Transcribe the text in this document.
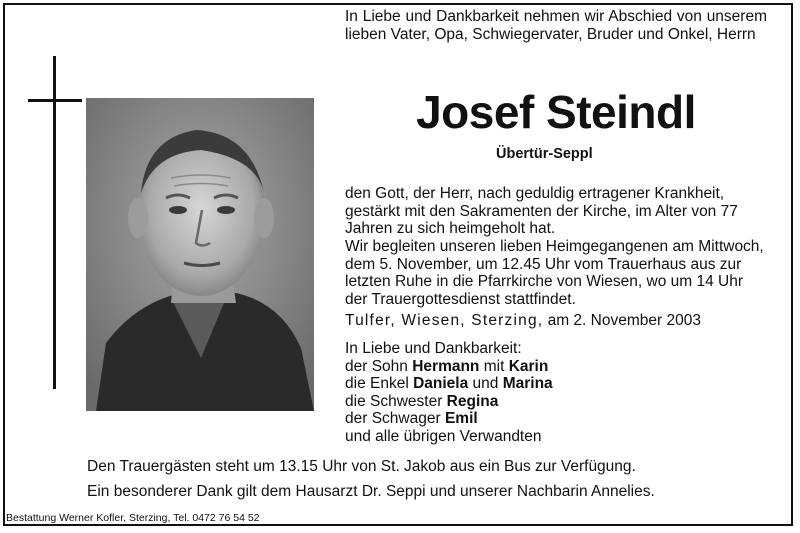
In Liebe und Dankbarkeit nehmen wir Abschied von unserem lieben Vater, Opa, Schwiegervater, Bruder und Onkel, Herrn
Josef Steindl
Übertür-Seppl
den Gott, der Herr, nach geduldig ertragener Krankheit, gestärkt mit den Sakramenten der Kirche, im Alter von 77 Jahren zu sich heimgeholt hat.
Wir begleiten unseren lieben Heimgegangenen am Mittwoch, dem 5. November, um 12.45 Uhr vom Trauerhaus aus zur letzten Ruhe in die Pfarrkirche von Wiesen, wo um 14 Uhr der Trauergottesdienst stattfindet.
Tulfer, Wiesen, Sterzing, am 2. November 2003
In Liebe und Dankbarkeit:
der Sohn Hermann mit Karin
die Enkel Daniela und Marina
die Schwester Regina
der Schwager Emil
und alle übrigen Verwandten
Den Trauergästen steht um 13.15 Uhr von St. Jakob aus ein Bus zur Verfügung.
Ein besonderer Dank gilt dem Hausarzt Dr. Seppi und unserer Nachbarin Annelies.
Bestattung Werner Kofler, Sterzing, Tel. 0472 76 54 52
